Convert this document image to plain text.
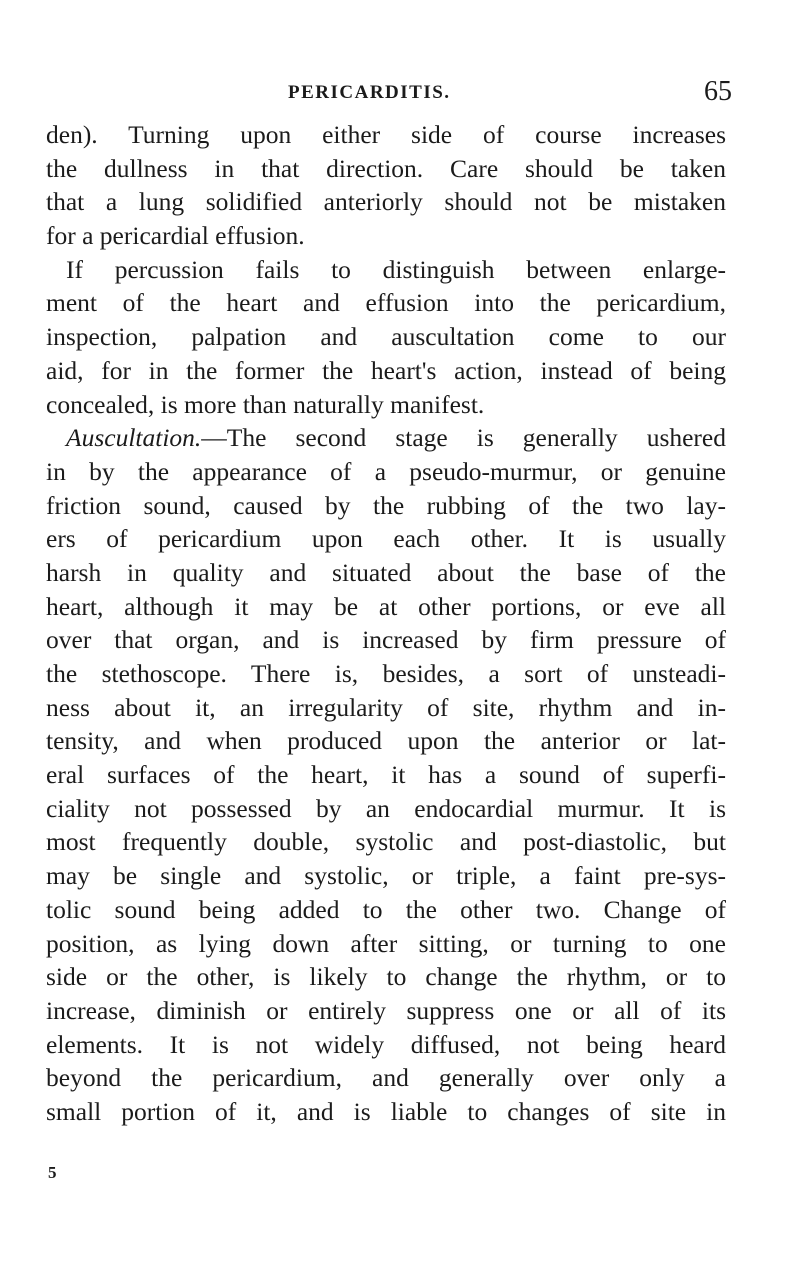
PERICARDITIS.	65
den). Turning upon either side of course increases
the dullness in that direction. Care should be taken
that a lung solidified anteriorly should not be mistaken
for a pericardial effusion.
If percussion fails to distinguish between enlarge-
ment of the heart and effusion into the pericardium,
inspection, palpation and auscultation come to our
aid, for in the former the heart's action, instead of being
concealed, is more than naturally manifest.
Auscultation.—The second stage is generally ushered
in by the appearance of a pseudo-murmur, or genuine
friction sound, caused by the rubbing of the two lay-
ers of pericardium upon each other. It is usually
harsh in quality and situated about the base of the
heart, although it may be at other portions, or eve all
over that organ, and is increased by firm pressure of
the stethoscope. There is, besides, a sort of unsteadi-
ness about it, an irregularity of site, rhythm and in-
tensity, and when produced upon the anterior or lat-
eral surfaces of the heart, it has a sound of superfi-
ciality not possessed by an endocardial murmur. It is
most frequently double, systolic and post-diastolic, but
may be single and systolic, or triple, a faint pre-sys-
tolic sound being added to the other two. Change of
position, as lying down after sitting, or turning to one
side or the other, is likely to change the rhythm, or to
increase, diminish or entirely suppress one or all of its
elements. It is not widely diffused, not being heard
beyond the pericardium, and generally over only a
small portion of it, and is liable to changes of site in
5
